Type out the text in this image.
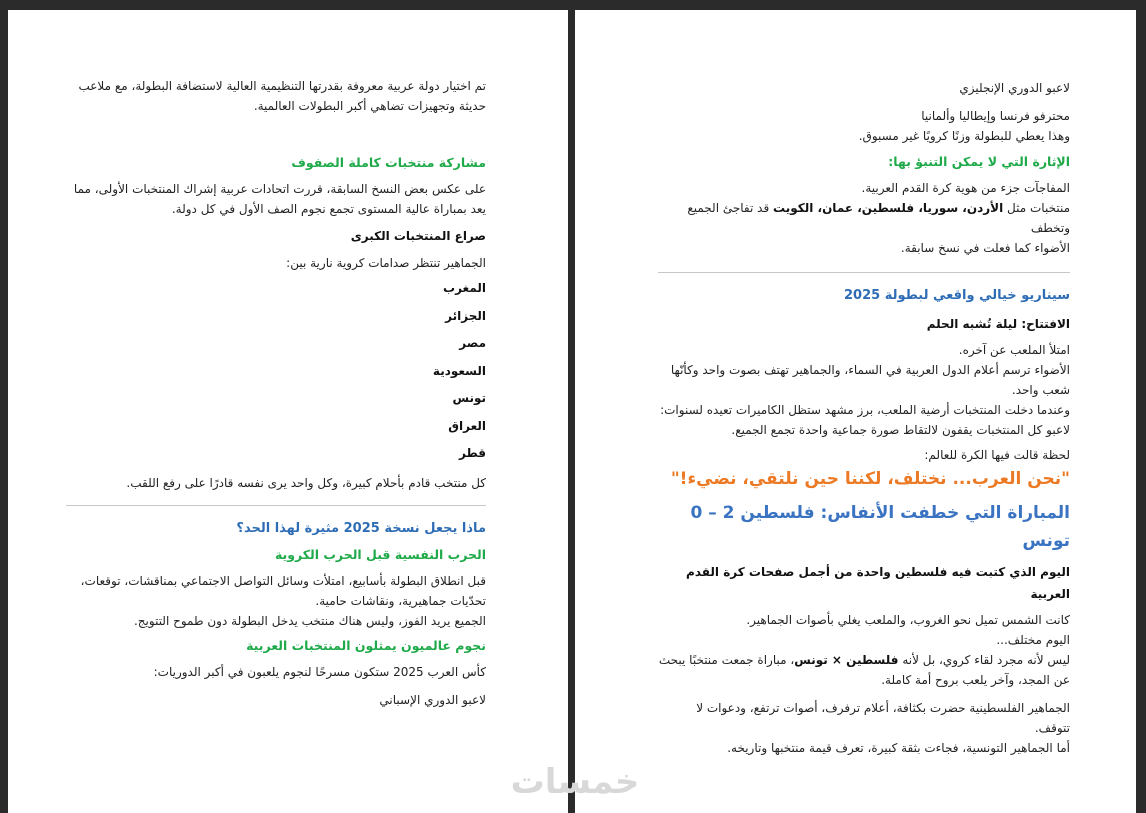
تم اختيار دولة عربية معروفة بقدرتها التنظيمية العالية لاستضافة البطولة، مع ملاعب

حديثة وتجهيزات تضاهي أكبر البطولات العالمية.

مشاركة منتخبات كاملة الصفوف

على عكس بعض النسخ السابقة، قررت اتحادات عربية إشراك المنتخبات الأولى، مما

يعد بمباراة عالية المستوى تجمع نجوم الصف الأول في كل دولة.

صراع المنتخبات الكبرى

الجماهير تنتظر صدامات كروية نارية بين:

المغرب

الجزائر

مصر

السعودية

تونس

العراق

قطر

كل منتخب قادم بأحلام كبيرة، وكل واحد يرى نفسه قادرًا على رفع اللقب.

ماذا يجعل نسخة 2025 مثيرة لهذا الحد؟

الحرب النفسية قبل الحرب الكروية

قبل انطلاق البطولة بأسابيع، امتلأت وسائل التواصل الاجتماعي بمناقشات، توقعات،

تحدّيات جماهيرية، ونقاشات حامية.

الجميع يريد الفوز، وليس هناك منتخب يدخل البطولة دون طموح التتويج.

نجوم عالميون يمثلون المنتخبات العربية

كأس العرب 2025 ستكون مسرحًا لنجوم يلعبون في أكبر الدوريات:

لاعبو الدوري الإسباني

لاعبو الدوري الإنجليزي

محترفو فرنسا وإيطاليا وألمانيا

وهذا يعطي للبطولة وزنًا كرويًا غير مسبوق.

الإثارة التي لا يمكن التنبؤ بها:

المفاجآت جزء من هوية كرة القدم العربية.

منتخبات مثل الأردن، سوريا، فلسطين، عمان، الكويت قد تفاجئ الجميع وتخطف

الأضواء كما فعلت في نسخ سابقة.

سيناريو خيالي واقعي لبطولة 2025

الافتتاح: ليلة تُشبه الحلم

امتلأ الملعب عن آخره.

الأضواء ترسم أعلام الدول العربية في السماء، والجماهير تهتف بصوت واحد وكأنّها

شعب واحد.

وعندما دخلت المنتخبات أرضية الملعب، برز مشهد ستظل الكاميرات تعيده لسنوات:

لاعبو كل المنتخبات يقفون لالتقاط صورة جماعية واحدة تجمع الجميع.

لحظة قالت فيها الكرة للعالم:

"نحن العرب... نختلف، لكننا حين نلتقي، نضيء!"

المباراة التي خطفت الأنفاس: فلسطين 2 – 0 تونس

اليوم الذي كتبت فيه فلسطين واحدة من أجمل صفحات كرة القدم العربية

كانت الشمس تميل نحو الغروب، والملعب يغلي بأصوات الجماهير.

اليوم مختلف...

ليس لأنه مجرد لقاء كروي، بل لأنه فلسطين × تونس، مباراة جمعت منتخبًا يبحث

عن المجد، وآخر يلعب بروح أمة كاملة.

الجماهير الفلسطينية حضرت بكثافة، أعلام ترفرف، أصوات ترتفع، ودعوات لا

تتوقف.

أما الجماهير التونسية، فجاءت بثقة كبيرة، تعرف قيمة منتخبها وتاريخه.

خمسات
